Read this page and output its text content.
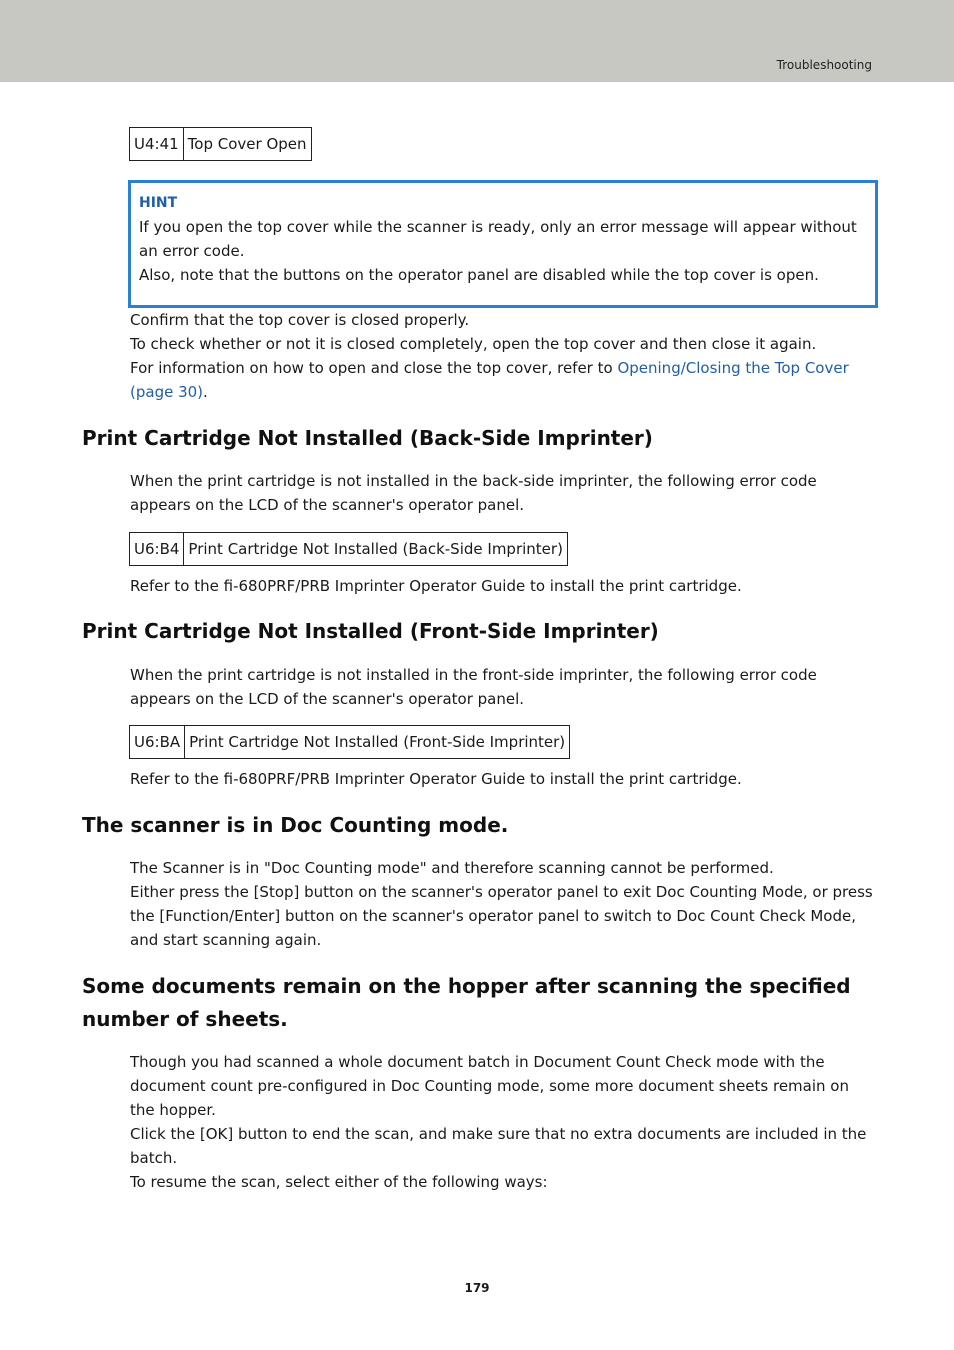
Troubleshooting
U4:41	Top Cover Open
HINT
If you open the top cover while the scanner is ready, only an error message will appear without
an error code.
Also, note that the buttons on the operator panel are disabled while the top cover is open.
Confirm that the top cover is closed properly.
To check whether or not it is closed completely, open the top cover and then close it again.
For information on how to open and close the top cover, refer to Opening/Closing the Top Cover
(page 30).
Print Cartridge Not Installed (Back-Side Imprinter)
When the print cartridge is not installed in the back-side imprinter, the following error code
appears on the LCD of the scanner's operator panel.
U6:B4	Print Cartridge Not Installed (Back-Side Imprinter)
Refer to the fi-680PRF/PRB Imprinter Operator Guide to install the print cartridge.
Print Cartridge Not Installed (Front-Side Imprinter)
When the print cartridge is not installed in the front-side imprinter, the following error code
appears on the LCD of the scanner's operator panel.
U6:BA	Print Cartridge Not Installed (Front-Side Imprinter)
Refer to the fi-680PRF/PRB Imprinter Operator Guide to install the print cartridge.
The scanner is in Doc Counting mode.
The Scanner is in "Doc Counting mode" and therefore scanning cannot be performed.
Either press the [Stop] button on the scanner's operator panel to exit Doc Counting Mode, or press
the [Function/Enter] button on the scanner's operator panel to switch to Doc Count Check Mode,
and start scanning again.
Some documents remain on the hopper after scanning the specified
number of sheets.
Though you had scanned a whole document batch in Document Count Check mode with the
document count pre-configured in Doc Counting mode, some more document sheets remain on
the hopper.
Click the [OK] button to end the scan, and make sure that no extra documents are included in the
batch.
To resume the scan, select either of the following ways:
179
